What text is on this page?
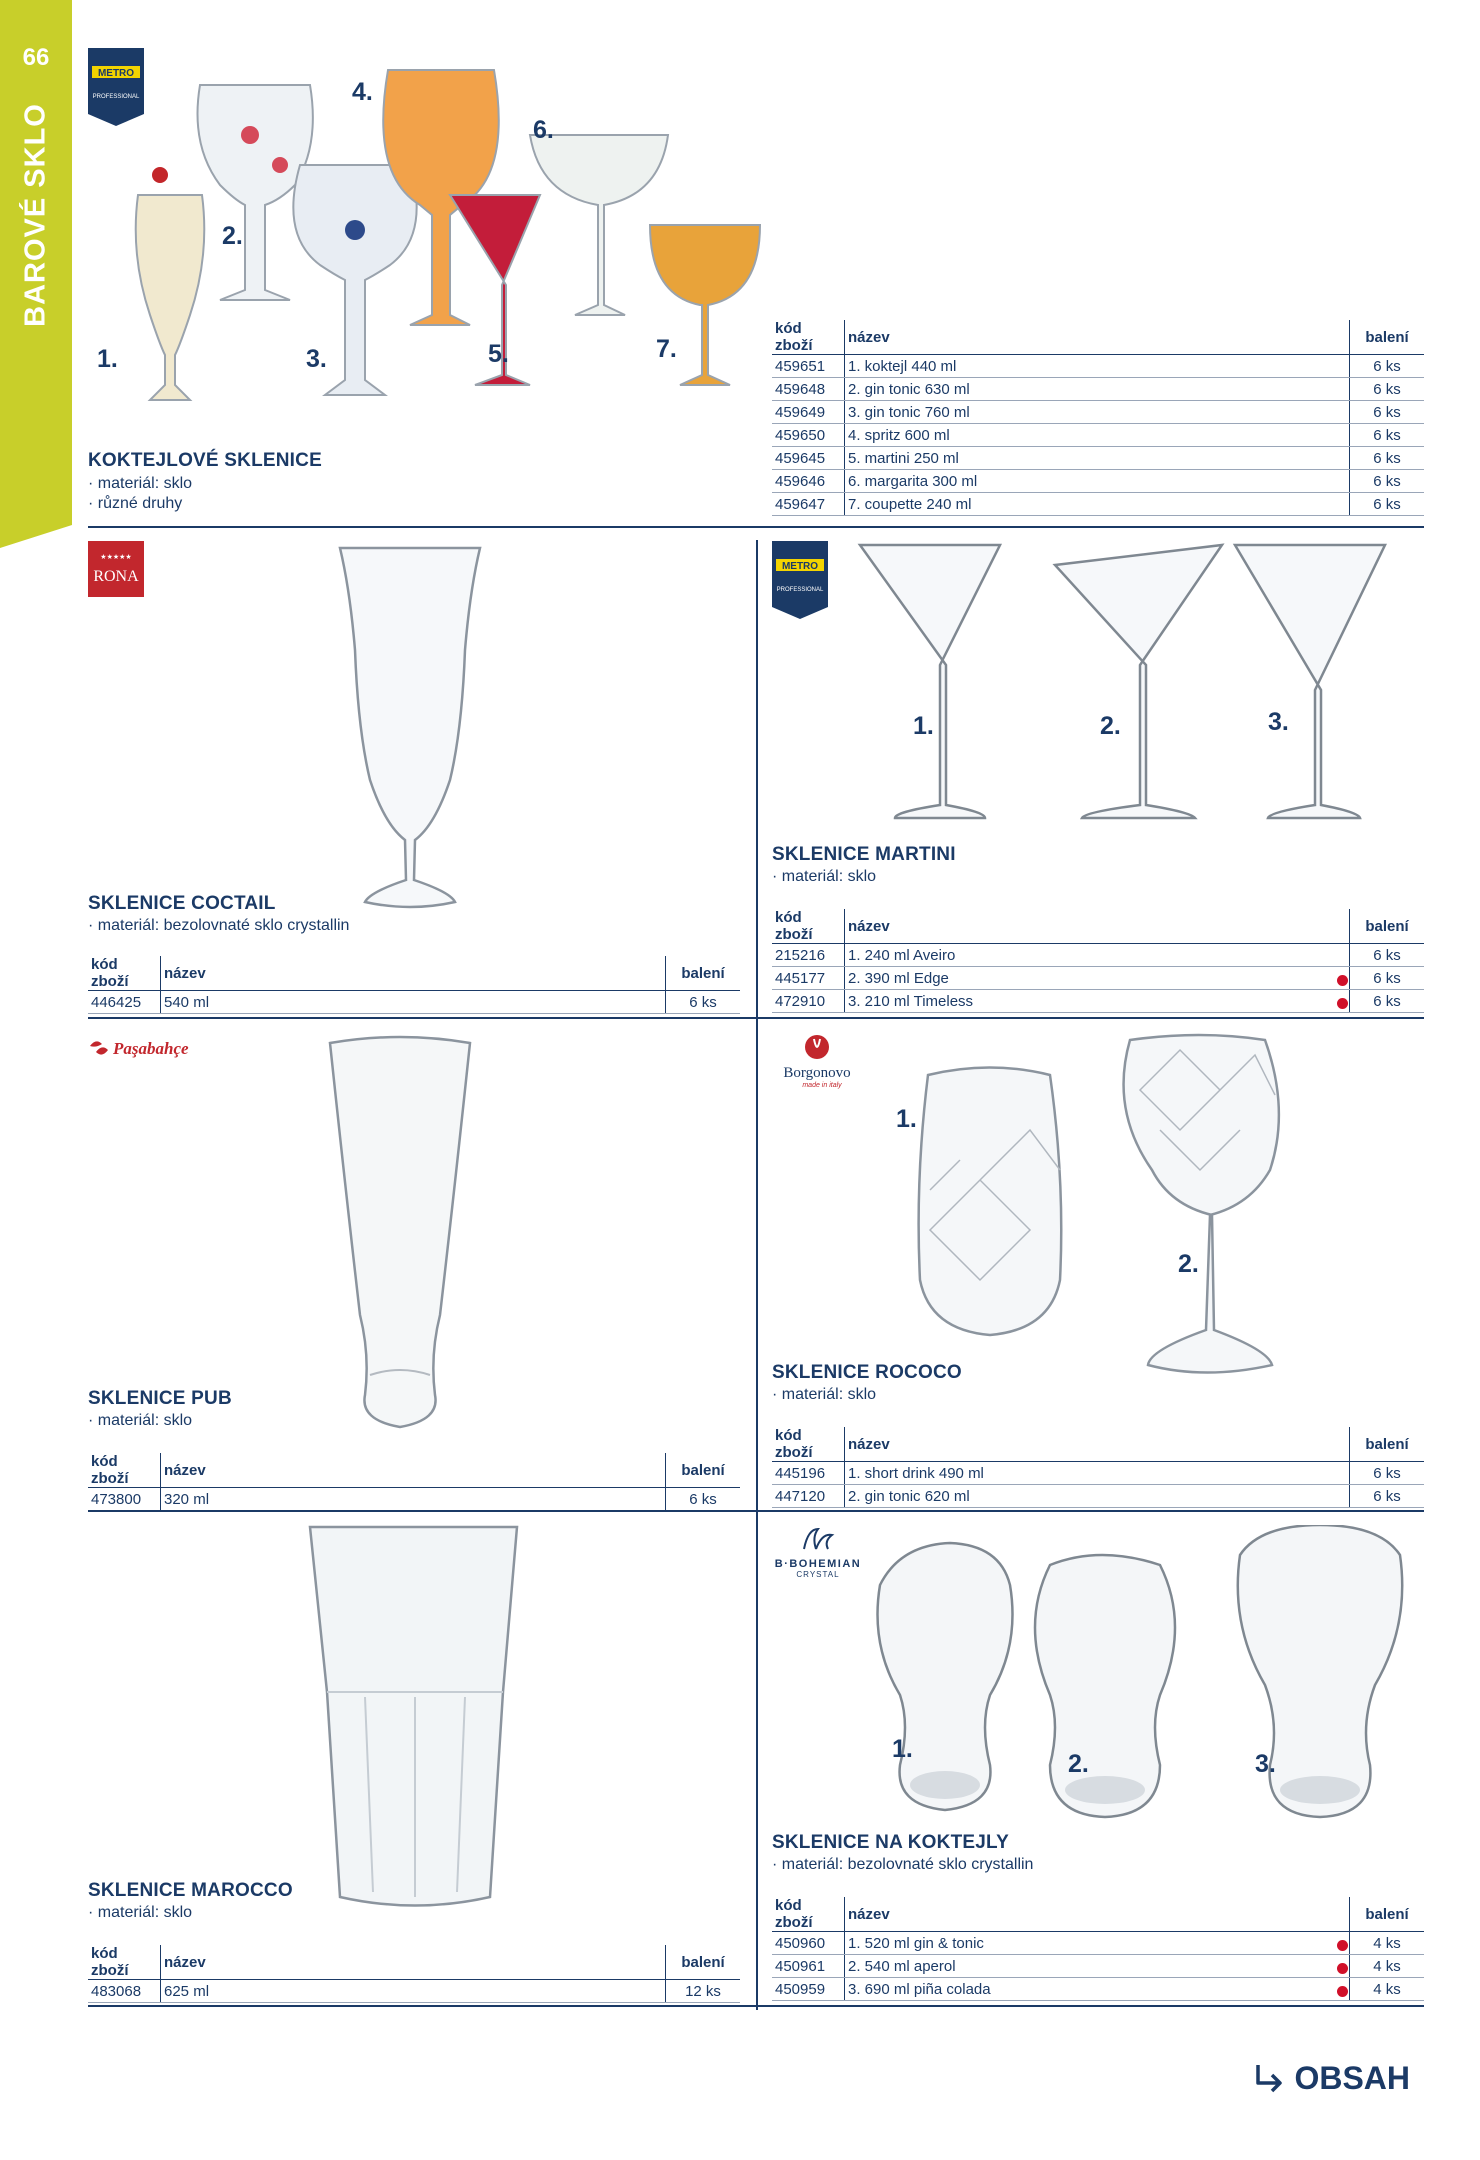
66
BAROVÉ SKLO
METRO
PROFESSIONAL
1.
2.
3.
4.
5.
6.
7.
KOKTEJLOVÉ SKLENICE
· materiál: sklo
· různé druhy
kód zboží	název	balení
459651	1. koktejl 440 ml	6 ks
459648	2. gin tonic 630 ml	6 ks
459649	3. gin tonic 760 ml	6 ks
459650	4. spritz 600 ml	6 ks
459645	5. martini 250 ml	6 ks
459646	6. margarita 300 ml	6 ks
459647	7. coupette 240 ml	6 ks
★★★★★
RONA
SKLENICE COCTAIL
· materiál: bezolovnaté sklo crystallin
kód zboží	název	balení
446425	540 ml	6 ks
METRO
PROFESSIONAL
1.	2.	3.
SKLENICE MARTINI
· materiál: sklo
kód zboží	název	balení
215216	1. 240 ml Aveiro	6 ks
445177	2. 390 ml Edge	6 ks
472910	3. 210 ml Timeless	6 ks
Paşabahçe
SKLENICE PUB
· materiál: sklo
kód zboží	název	balení
473800	320 ml	6 ks
Borgonovo
made in italy
1.
2.
SKLENICE ROCOCO
· materiál: sklo
kód zboží	název	balení
445196	1. short drink 490 ml	6 ks
447120	2. gin tonic 620 ml	6 ks
SKLENICE MAROCCO
· materiál: sklo
kód zboží	název	balení
483068	625 ml	12 ks
B·BOHEMIAN
CRYSTAL
1.
2.	3.
SKLENICE NA KOKTEJLY
· materiál: bezolovnaté sklo crystallin
kód zboží	název	balení
450960	1. 520 ml gin & tonic	4 ks
450961	2. 540 ml aperol	4 ks
450959	3. 690 ml piña colada	4 ks
OBSAH
